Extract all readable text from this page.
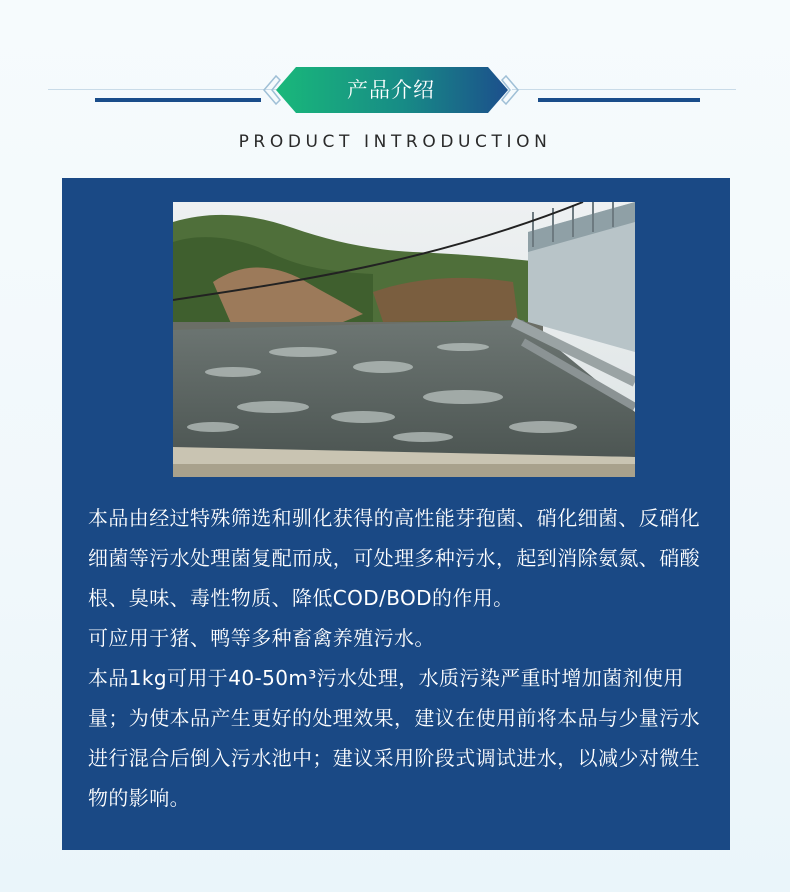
产品介绍
PRODUCT INTRODUCTION

本品由经过特殊筛选和驯化获得的高性能芽孢菌、硝化细菌、反硝化细菌等污水处理菌复配而成，可处理多种污水，起到消除氨氮、硝酸根、臭味、毒性物质、降低COD/BOD的作用。

可应用于猪、鸭等多种畜禽养殖污水。

本品1kg可用于40-50m³污水处理，水质污染严重时增加菌剂使用量；为使本品产生更好的处理效果，建议在使用前将本品与少量污水进行混合后倒入污水池中；建议采用阶段式调试进水，以减少对微生物的影响。
